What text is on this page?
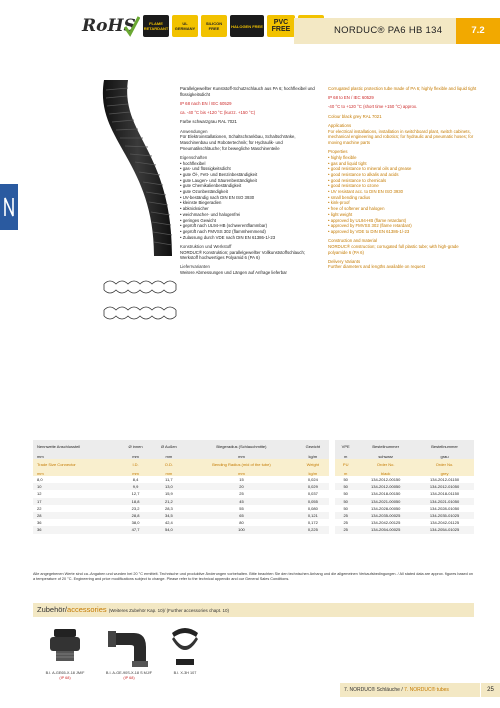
RoHS	FLAME RETARDANT
UL
GERMANY
SILICON FREE	HALOGEN FREE	PVC FREE	NORDUC® PA6 HB 134	7.2

Parallelgewellter Kunststoff-Schutzschlauch aus PA 6; hochflexibel und flüssigkeitsdicht

IP 68 nach EN / IEC 60529

ca. -40 °C bis +120 °C (kurzz. +150 °C)

Farbe schwarzgrau RAL 7021

Anwendungen

Für Elektroinstallationen, Schaltschrankbau, Schaltschränke, Maschinenbau und Robotertechnik; für Hydraulik- und Pneumatikschläuche; für bewegliche Maschinenteile

Eigenschaften

• hochflexibel
• gas- und flüssigkeitsdicht
• gute Öl-, Fett- und Benzinbeständigkeit
• gute Laugen- und Säurenbeständigkeit
• gute Chemikalienbeständigkeit
• gute Ozonbeständigkeit
• UV-beständig nach DIN EN ISO 3930
• kleinste Biegeradien
• abknicksicher
• weichmacher- und halogenfrei
• geringes Gewicht
• geprüft nach UL94-HB (schwerentflammbar)
• geprüft nach FMVSS 302 (flammhemmend)
• Zulassung durch VDE nach DIN EN 61386-1/-23

Konstruktion und Werkstoff

NORDUC® Konstruktion; parallelgewellter Vollkunststoffschlauch; Werkstoff hochwertiges Polyamid 6 (PA 6)

Lieferrvarianten

Weitere Abmessungen und Längen auf Anfrage lieferbar

Corrugated plastic protection tube made of PA 6; highly flexible and liquid tight

IP 68 to EN / IEC 60529

-40 °C to +120 °C (short time +150 °C) approx.

Colour black grey RAL 7021

Applications

For electrical installations, installation in switchboard plant, switch cabinets, mechanical engineering and robotics; for hydraulic and pneumatic hoses; for moving machine parts

Properties

• highly flexible
• gas and liquid tight
• good resistance to mineral oils and grease
• good resistance to alkalis and acids
• good resistance to chemicals
• good resistance to ozone
• UV resistant acc. to DIN EN ISO 3930
• small bending radius
• kink-proof
• free of softener and halogen
• light weight
• approved by UL94-HB (flame retardant)
• approved by FMVSS 302 (flame retardant)
• approved by VDE to DIN EN 61386-1/-23

Construction and material

NORDUC® construction; corrugated full plastic tube; with high-grade polyamide 6 (PA 6)

Delivery Variants

Further diameters and lengths available on request

Nennweite Anschlussteil	Ø innen	Ø Außen	Biegeradius (Schlauchmitte)	Gewicht		VPE	Bestellnummer	Bestellnummer
mm	mm	mm	mm	kg/m		m	schwarz	grau
Trade Size Connector	I.D.	O.D.	Bending Radius (mid of the tube)	Weight		PU	Order No.	Order No.
mm	mm	mm	mm	kg/m		m	black	grey
8,0	8,4	11,7	15	0,024		50	134-2012-00150	134-2012-01150
10	9,9	13,0	20	0,029		50	134-2012-00050	134-2012-01050
12	12,7	15,9	25	0,037		50	134-2018-00150	134-2018-01150
17	18,8	21,2	45	0,055		50	134-2021-00050	134-2021-01050
22	23,2	28,3	55	0,080		50	134-2028-00050	134-2028-01050
28	28,8	34,5	65	0,121		25	134-2035-00025	134-2035-01025
36	38,0	42,4	80	0,172		25	134-2042-00125	134-2042-01125
36	47,7	54,0	100	0,225		25	134-2054-00025	134-2054-01025

Alle angegebenen Werte sind ca.-Angaben und wurden bei 20 °C ermittelt. Technische und produktive Änderungen vorbehalten. Bitte beachten Sie den technischen Anhang und die allgemeinen Verkaufsbedingungen. / All stated data are approx. figures based on a temperature of 20 °C. Engineering and price modifications subject to change. Please refer to the technical appendix and our General Sales Conditions.

Zubehör/accessories (Weiteres Zubehör Kap. 10)/ (Further accessories chapt. 10)
B.I. A-GE65-X-18 JM/F
(IP 68)
B.I. A-GE-90S-X-18 S MJ/F
(IP 68)
B.I. X-3H 107

7. NORDUC® Schläuche / 7. NORDUC® tubes	25
